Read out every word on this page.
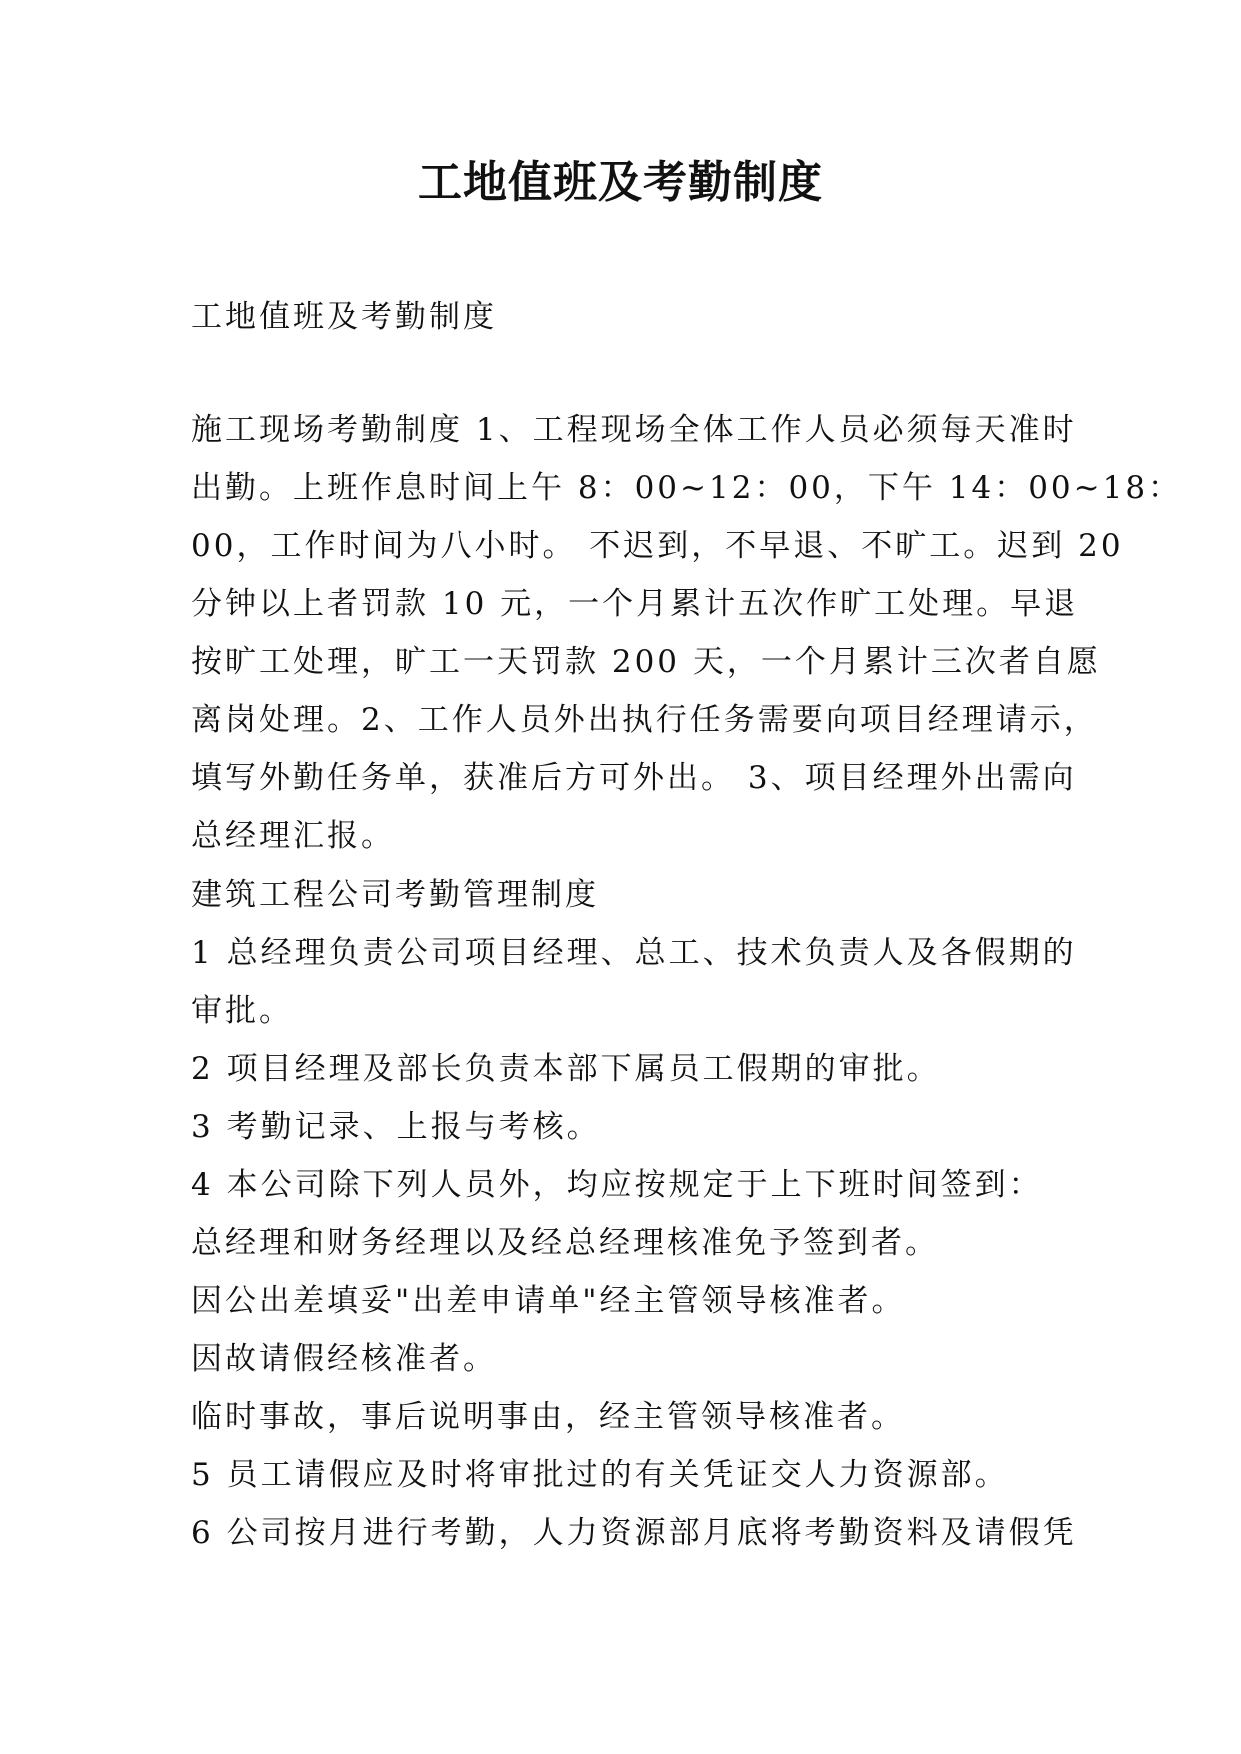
工地值班及考勤制度

工地值班及考勤制度

施工现场考勤制度 1、工程现场全体工作人员必须每天准时
出勤。上班作息时间上午 8：00~12：00，下午 14：00~18：
00，工作时间为八小时。 不迟到，不早退、不旷工。迟到 20
分钟以上者罚款 10 元，一个月累计五次作旷工处理。早退
按旷工处理，旷工一天罚款 200 天，一个月累计三次者自愿
离岗处理。2、工作人员外出执行任务需要向项目经理请示，
填写外勤任务单，获准后方可外出。 3、项目经理外出需向
总经理汇报。
建筑工程公司考勤管理制度
1 总经理负责公司项目经理、总工、技术负责人及各假期的
审批。
2 项目经理及部长负责本部下属员工假期的审批。
3 考勤记录、上报与考核。
4 本公司除下列人员外，均应按规定于上下班时间签到：
总经理和财务经理以及经总经理核准免予签到者。
因公出差填妥"出差申请单"经主管领导核准者。
因故请假经核准者。
临时事故，事后说明事由，经主管领导核准者。
5 员工请假应及时将审批过的有关凭证交人力资源部。
6 公司按月进行考勤，人力资源部月底将考勤资料及请假凭
